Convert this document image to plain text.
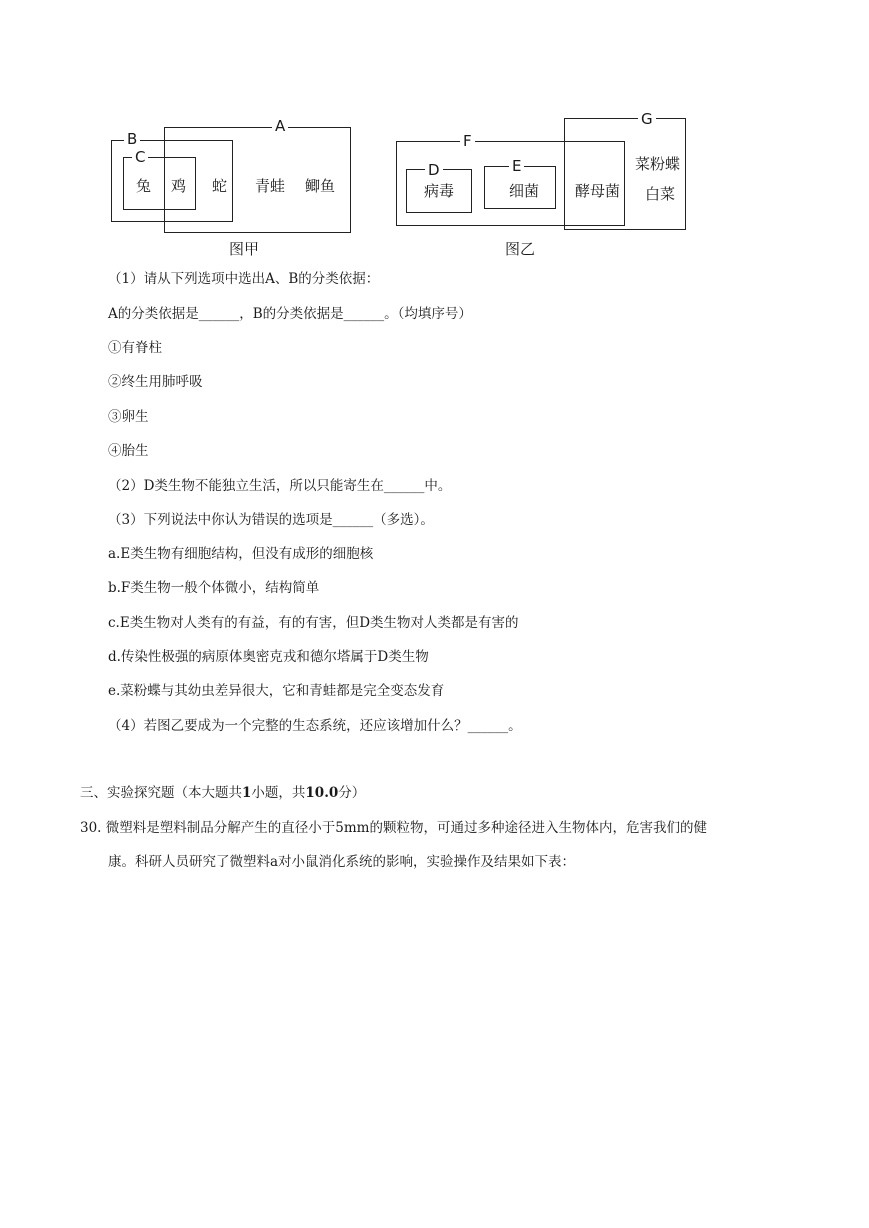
A
B
C
兔 鸡 蛇 青蛙 鲫鱼
图甲
F
G
D	E
病毒	细菌 酵母菌
菜粉蝶
白菜
图乙
（1）请从下列选项中选出A、B的分类依据：
A的分类依据是______，B的分类依据是______。（均填序号）
①有脊柱
②终生用肺呼吸
③卵生
④胎生
（2）D类生物不能独立生活，所以只能寄生在______中。
（3）下列说法中你认为错误的选项是______（多选）。
a.E类生物有细胞结构，但没有成形的细胞核
b.F类生物一般个体微小，结构简单
c.E类生物对人类有的有益，有的有害，但D类生物对人类都是有害的
d.传染性极强的病原体奥密克戎和德尔塔属于D类生物
e.菜粉蝶与其幼虫差异很大，它和青蛙都是完全变态发育
（4）若图乙要成为一个完整的生态系统，还应该增加什么？______。
三、实验探究题（本大题共1小题，共10.0分）
30. 微塑料是塑料制品分解产生的直径小于5mm的颗粒物，可通过多种途径进入生物体内，危害我们的健
康。科研人员研究了微塑料a对小鼠消化系统的影响，实验操作及结果如下表：
